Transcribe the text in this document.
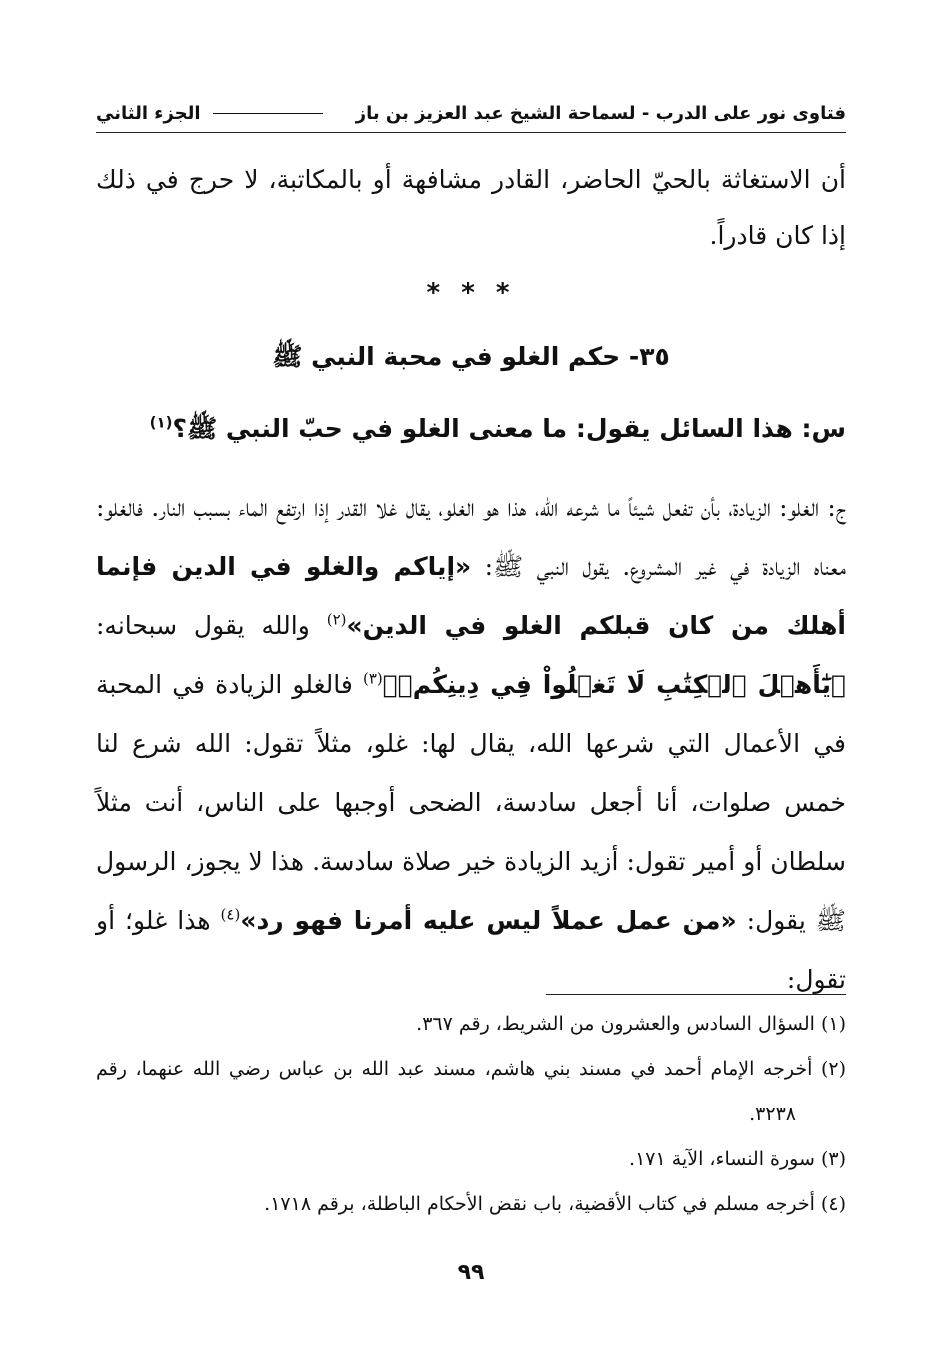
فتاوى نور على الدرب - لسماحة الشيخ عبد العزيز بن باز
الجزء الثاني
أن الاستغاثة بالحيّ الحاضر، القادر مشافهة أو بالمكاتبة، لا حرج في ذلك إذا كان قادراً.
* * *
٣٥- حكم الغلو في محبة النبي ﷺ
س: هذا السائل يقول: ما معنى الغلو في حبّ النبي ﷺ؟$^{(١)}$
ج: الغلو: الزيادة، بأن تفعل شيئاً ما شرعه الله، هذا هو الغلو، يقال غلا القدر إذا ارتفع الماء بسبب النار. فالغلو: معناه الزيادة في غير المشروع. يقول النبي ﷺ: «إياكم والغلو في الدين فإنما أهلك من كان قبلكم الغلو في الدين»$^{(٢)}$ والله يقول سبحانه: ﴿يَٰٓأَهۡلَ ٱلۡكِتَٰبِ لَا تَغۡلُواْ فِي دِينِكُمۡ﴾$^{(٣)}$ فالغلو الزيادة في المحبة في الأعمال التي شرعها الله، يقال لها: غلو، مثلاً تقول: الله شرع لنا خمس صلوات، أنا أجعل سادسة، الضحى أوجبها على الناس، أنت مثلاً سلطان أو أمير تقول: أزيد الزيادة خير صلاة سادسة. هذا لا يجوز، الرسول ﷺ يقول: «من عمل عملاً ليس عليه أمرنا فهو رد»$^{(٤)}$ هذا غلو؛ أو تقول:
(١) السؤال السادس والعشرون من الشريط، رقم ٣٦٧.
(٢) أخرجه الإمام أحمد في مسند بني هاشم، مسند عبد الله بن عباس رضي الله عنهما، رقم ٣٢٣٨.
(٣) سورة النساء، الآية ١٧١.
(٤) أخرجه مسلم في كتاب الأقضية، باب نقض الأحكام الباطلة، برقم ١٧١٨.
٩٩
